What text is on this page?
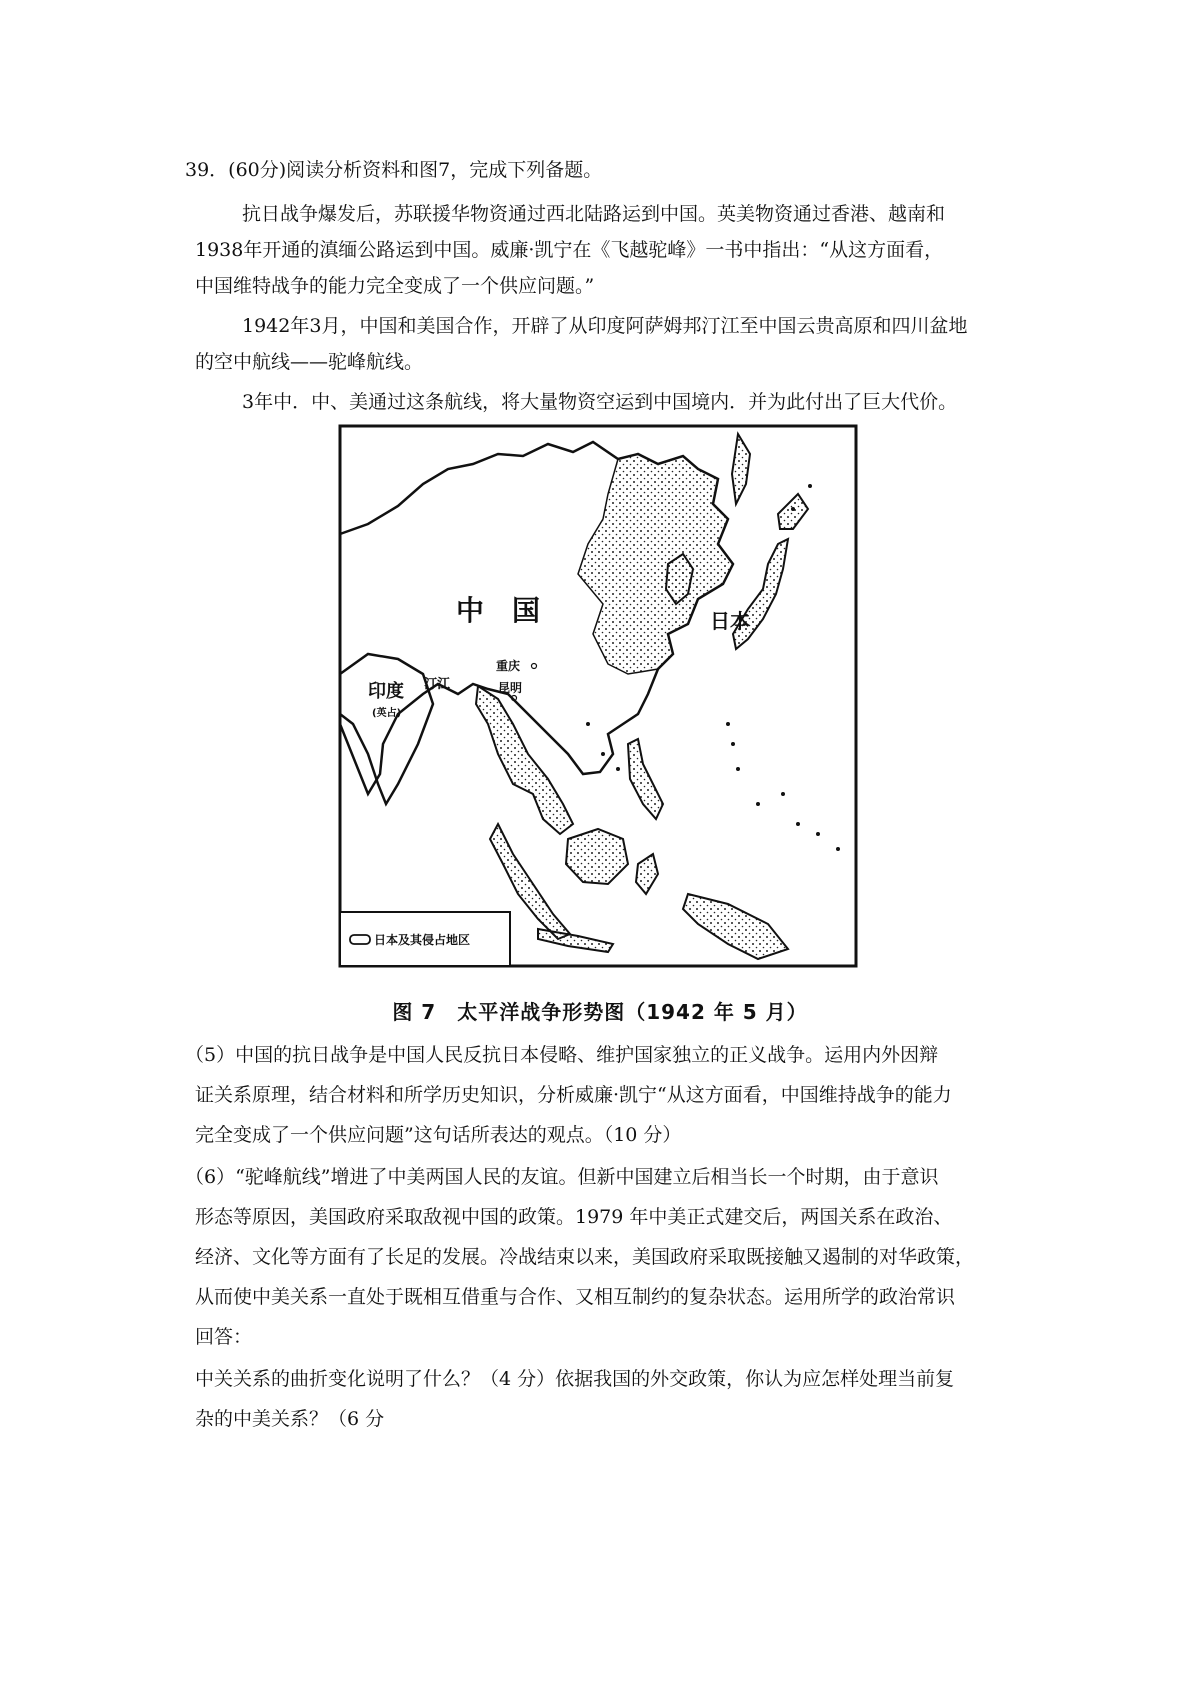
39．(60分)阅读分析资料和图7，完成下列备题。
抗日战争爆发后，苏联援华物资通过西北陆路运到中国。英美物资通过香港、越南和
1938年开通的滇缅公路运到中国。威廉·凯宁在《飞越驼峰》一书中指出：“从这方面看，
中国维特战争的能力完全变成了一个供应问题。”
1942年3月，中国和美国合作，开辟了从印度阿萨姆邦汀江至中国云贵高原和四川盆地
的空中航线——驼峰航线。
3年中．中、美通过这条航线，将大量物资空运到中国境内．并为此付出了巨大代价。
中　国	日本
印度
(英占)
汀江
重庆
昆明
日本及其侵占地区
图 7　太平洋战争形势图（1942 年 5 月）
（5）中国的抗日战争是中国人民反抗日本侵略、维护国家独立的正义战争。运用内外因辩
证关系原理，结合材料和所学历史知识，分析威廉·凯宁“从这方面看，中国维持战争的能力
完全变成了一个供应问题”这句话所表达的观点。（10 分）
（6）“驼峰航线”增进了中美两国人民的友谊。但新中国建立后相当长一个时期，由于意识
形态等原因，美国政府采取敌视中国的政策。1979 年中美正式建交后，两国关系在政治、
经济、文化等方面有了长足的发展。冷战结束以来，美国政府采取既接触又遏制的对华政策，
从而使中美关系一直处于既相互借重与合作、又相互制约的复杂状态。运用所学的政治常识
回答：
中关关系的曲折变化说明了什么？（4 分）依据我国的外交政策，你认为应怎样处理当前复
杂的中美关系？（6 分
